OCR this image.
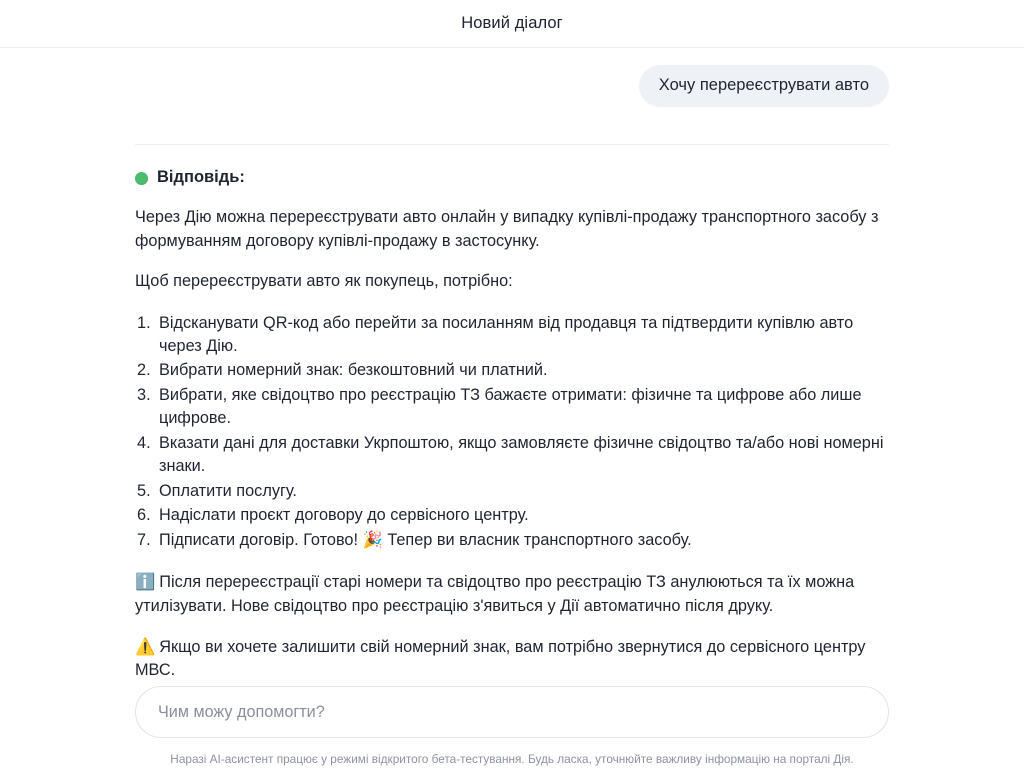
Новий діалог
Хочу перереєструвати авто
Відповідь:

Через Дію можна перереєструвати авто онлайн у випадку купівлі-продажу транспортного засобу з формуванням договору купівлі-продажу в застосунку.

Щоб перереєструвати авто як покупець, потрібно:

Відсканувати QR-код або перейти за посиланням від продавця та підтвердити купівлю авто через Дію.
Вибрати номерний знак: безкоштовний чи платний.
Вибрати, яке свідоцтво про реєстрацію ТЗ бажаєте отримати: фізичне та цифрове або лише цифрове.
Вказати дані для доставки Укрпоштою, якщо замовляєте фізичне свідоцтво та/або нові номерні знаки.
Оплатити послугу.
Надіслати проєкт договору до сервісного центру.
Підписати договір. Готово! 🎉 Тепер ви власник транспортного засобу.

ℹ️ Після перереєстрації старі номери та свідоцтво про реєстрацію ТЗ анулюються та їх можна утилізувати. Нове свідоцтво про реєстрацію з'явиться у Дії автоматично після друку.

⚠️ Якщо ви хочете залишити свій номерний знак, вам потрібно звернутися до сервісного центру МВС.

Чим можу допомогти?
Наразі AI-асистент працює у режимі відкритого бета-тестування. Будь ласка, уточнюйте важливу інформацію на порталі Дія.
